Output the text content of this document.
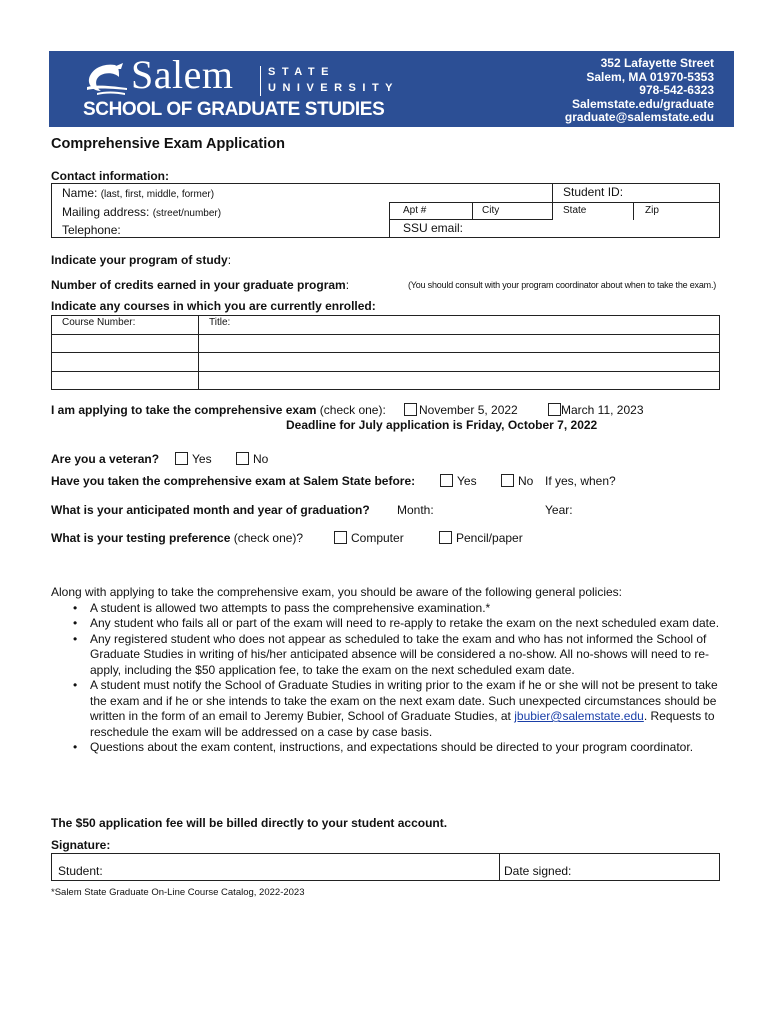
Salem	STATE
UNIVERSITY
SCHOOL OF GRADUATE STUDIES
352 Lafayette Street
Salem, MA 01970-5353
978-542-6323
Salemstate.edu/graduate
graduate@salemstate.edu
Comprehensive Exam Application
Contact information:
Name: (last, first, middle, former)	Student ID:
Mailing address: (street/number)	Apt #	City	State	Zip
Telephone:	SSU email:
Indicate your program of study:
Number of credits earned in your graduate program:	(You should consult with your program coordinator about when to take the exam.)
Indicate any courses in which you are currently enrolled:
Course Number:	Title:

I am applying to take the comprehensive exam (check one):	November 5, 2022	March 11, 2023
Deadline for July application is Friday, October 7, 2022
Are you a veteran?	Yes	No
Have you taken the comprehensive exam at Salem State before:	Yes	No If yes, when?
What is your anticipated month and year of graduation? Month:	Year:
What is your testing preference (check one)?	Computer	Pencil/paper
Along with applying to take the comprehensive exam, you should be aware of the following general policies:
• A student is allowed two attempts to pass the comprehensive examination.*
• Any student who fails all or part of the exam will need to re-apply to retake the exam on the next scheduled exam date.
• Any registered student who does not appear as scheduled to take the exam and who has not informed the School of Graduate Studies in writing of his/her anticipated absence will be considered a no-show. All no-shows will need to re-apply, including the $50 application fee, to take the exam on the next scheduled exam date.
• A student must notify the School of Graduate Studies in writing prior to the exam if he or she will not be present to take the exam and if he or she intends to take the exam on the next exam date. Such unexpected circumstances should be written in the form of an email to Jeremy Bubier, School of Graduate Studies, at jbubier@salemstate.edu. Requests to reschedule the exam will be addressed on a case by case basis.
• Questions about the exam content, instructions, and expectations should be directed to your program coordinator.
The $50 application fee will be billed directly to your student account.
Signature:
Student:	Date signed:
*Salem State Graduate On-Line Course Catalog, 2022-2023
